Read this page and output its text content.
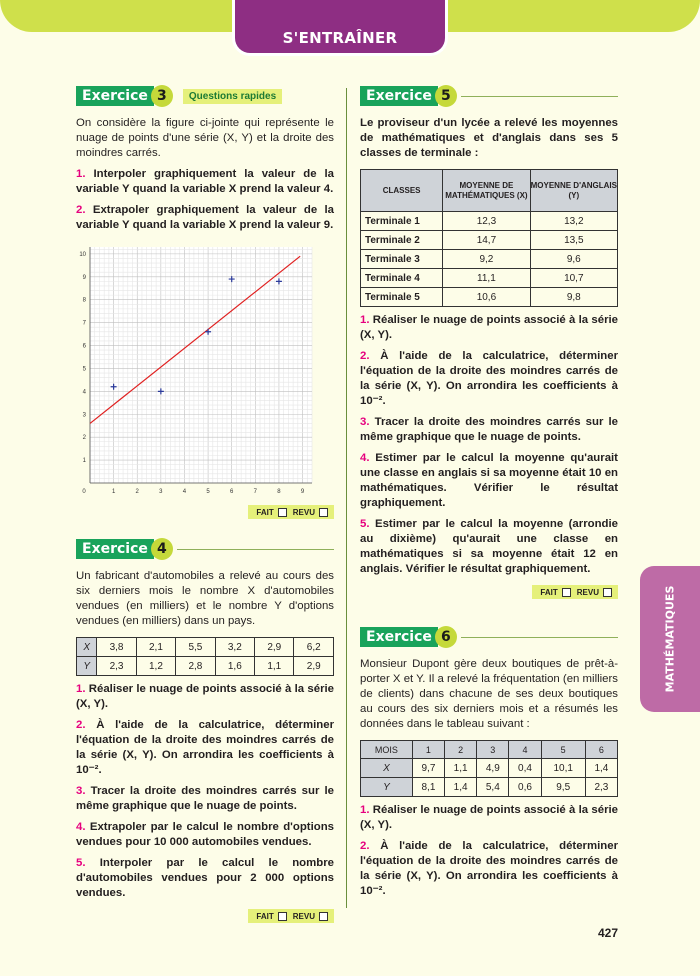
S'ENTRAÎNER
Exercice 3	Questions rapides

On considère la figure ci-jointe qui représente le nuage de points d'une série (X, Y) et la droite des moindres carrés.

1. Interpoler graphiquement la valeur de la variable Y quand la variable X prend la valeur 4.

2. Extrapoler graphiquement la valeur de la variable Y quand la variable X prend la valeur 9.

0	1	2	3	4	5	6	7	8	9
1
2
3
4
5
6
7
8
9
10
FAIT REVU
Exercice 4

Un fabricant d'automobiles a relevé au cours des six derniers mois le nombre X d'automobiles vendues (en milliers) et le nombre Y d'options vendues (en milliers) dans un pays.

X	3,8	2,1	5,5	3,2	2,9	6,2
Y	2,3	1,2	2,8	1,6	1,1	2,9

1. Réaliser le nuage de points associé à la série (X, Y).

2. À l'aide de la calculatrice, déterminer l'équation de la droite des moindres carrés de la série (X, Y). On arrondira les coefficients à 10⁻².

3. Tracer la droite des moindres carrés sur le même graphique que le nuage de points.

4. Extrapoler par le calcul le nombre d'options vendues pour 10 000 automobiles vendues.

5. Interpoler par le calcul le nombre d'automobiles vendues pour 2 000 options vendues.

FAIT REVU
Exercice 5

Le proviseur d'un lycée a relevé les moyennes de mathématiques et d'anglais dans ses 5 classes de terminale :

CLASSES	MOYENNE DE MATHÉMATIQUES (X)	MOYENNE D'ANGLAIS (Y)
Terminale 1	12,3	13,2
Terminale 2	14,7	13,5
Terminale 3	9,2	9,6
Terminale 4	11,1	10,7
Terminale 5	10,6	9,8

1. Réaliser le nuage de points associé à la série (X, Y).

2. À l'aide de la calculatrice, déterminer l'équation de la droite des moindres carrés de la série (X, Y). On arrondira les coefficients à 10⁻².

3. Tracer la droite des moindres carrés sur le même graphique que le nuage de points.

4. Estimer par le calcul la moyenne qu'aurait une classe en anglais si sa moyenne était 10 en mathématiques. Vérifier le résultat graphiquement.

5. Estimer par le calcul la moyenne (arrondie au dixième) qu'aurait une classe en mathématiques si sa moyenne était 12 en anglais. Vérifier le résultat graphiquement.

FAIT REVU
Exercice 6

Monsieur Dupont gère deux boutiques de prêt-à-porter X et Y. Il a relevé la fréquentation (en milliers de clients) dans chacune de ses deux boutiques au cours des six derniers mois et a résumés les données dans le tableau suivant :

MOIS	1	2	3	4	5	6
X	9,7	1,1	4,9	0,4	10,1	1,4
Y	8,1	1,4	5,4	0,6	9,5	2,3

1. Réaliser le nuage de points associé à la série (X, Y).

2. À l'aide de la calculatrice, déterminer l'équation de la droite des moindres carrés de la série (X, Y). On arrondira les coefficients à 10⁻².

MATHÉMATIQUES
427
